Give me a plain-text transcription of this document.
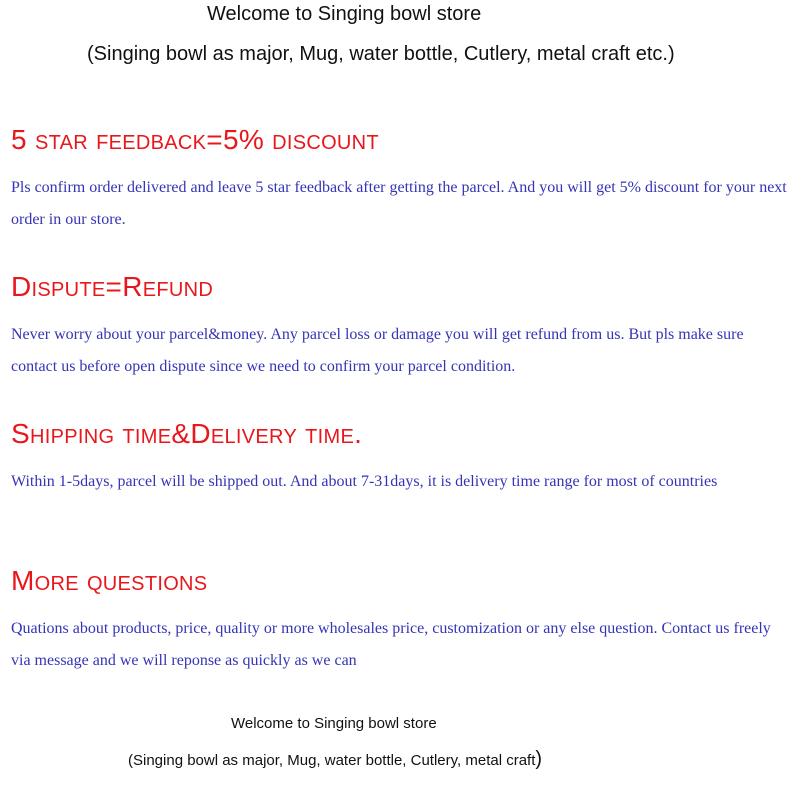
Welcome to Singing bowl store
(Singing bowl as major, Mug, water bottle, Cutlery, metal craft etc.)
5 star feedback=5% discount

Pls confirm order delivered and leave 5 star feedback after getting the parcel. And you will get 5% discount for your next order in our store.

Dispute=Refund

Never worry about your parcel&money. Any parcel loss or damage you will get refund from us. But pls make sure contact us before open dispute since we need to confirm your parcel condition.

Shipping time&Delivery time.

Within 1-5days, parcel will be shipped out. And about 7-31days, it is delivery time range for most of countries

More questions

Quations about products, price, quality or more wholesales price, customization or any else question. Contact us freely via message and we will reponse as quickly as we can

Welcome to Singing bowl store
(Singing bowl as major, Mug, water bottle, Cutlery, metal craft)
